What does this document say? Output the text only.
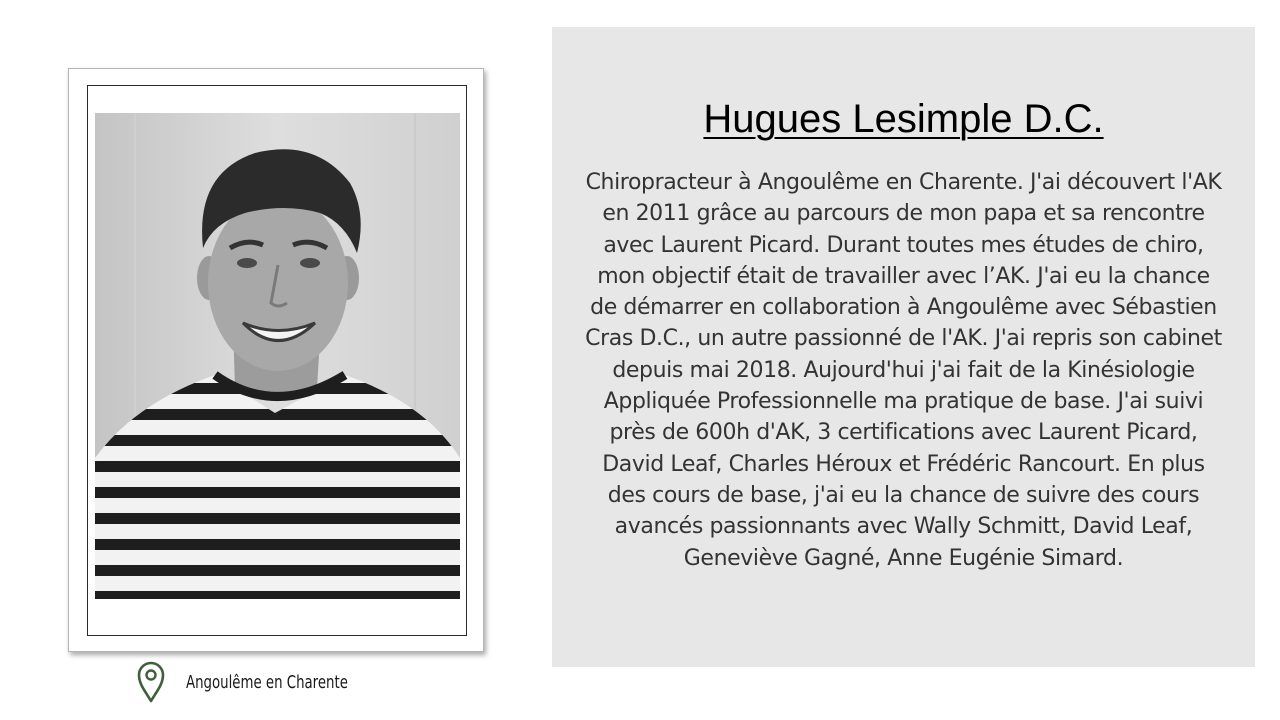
Angoulême en Charente
Hugues Lesimple D.C.

Chiropracteur à Angoulême en Charente. J'ai découvert l'AK en 2011 grâce au parcours de mon papa et sa rencontre avec Laurent Picard. Durant toutes mes études de chiro, mon objectif était de travailler avec l’AK. J'ai eu la chance de démarrer en collaboration à Angoulême avec Sébastien Cras D.C., un autre passionné de l'AK. J'ai repris son cabinet depuis mai 2018. Aujourd'hui j'ai fait de la Kinésiologie Appliquée Professionnelle ma pratique de base. J'ai suivi près de 600h d'AK, 3 certifications avec Laurent Picard, David Leaf, Charles Héroux et Frédéric Rancourt. En plus des cours de base, j'ai eu la chance de suivre des cours avancés passionnants avec Wally Schmitt, David Leaf, Geneviève Gagné, Anne Eugénie Simard.
